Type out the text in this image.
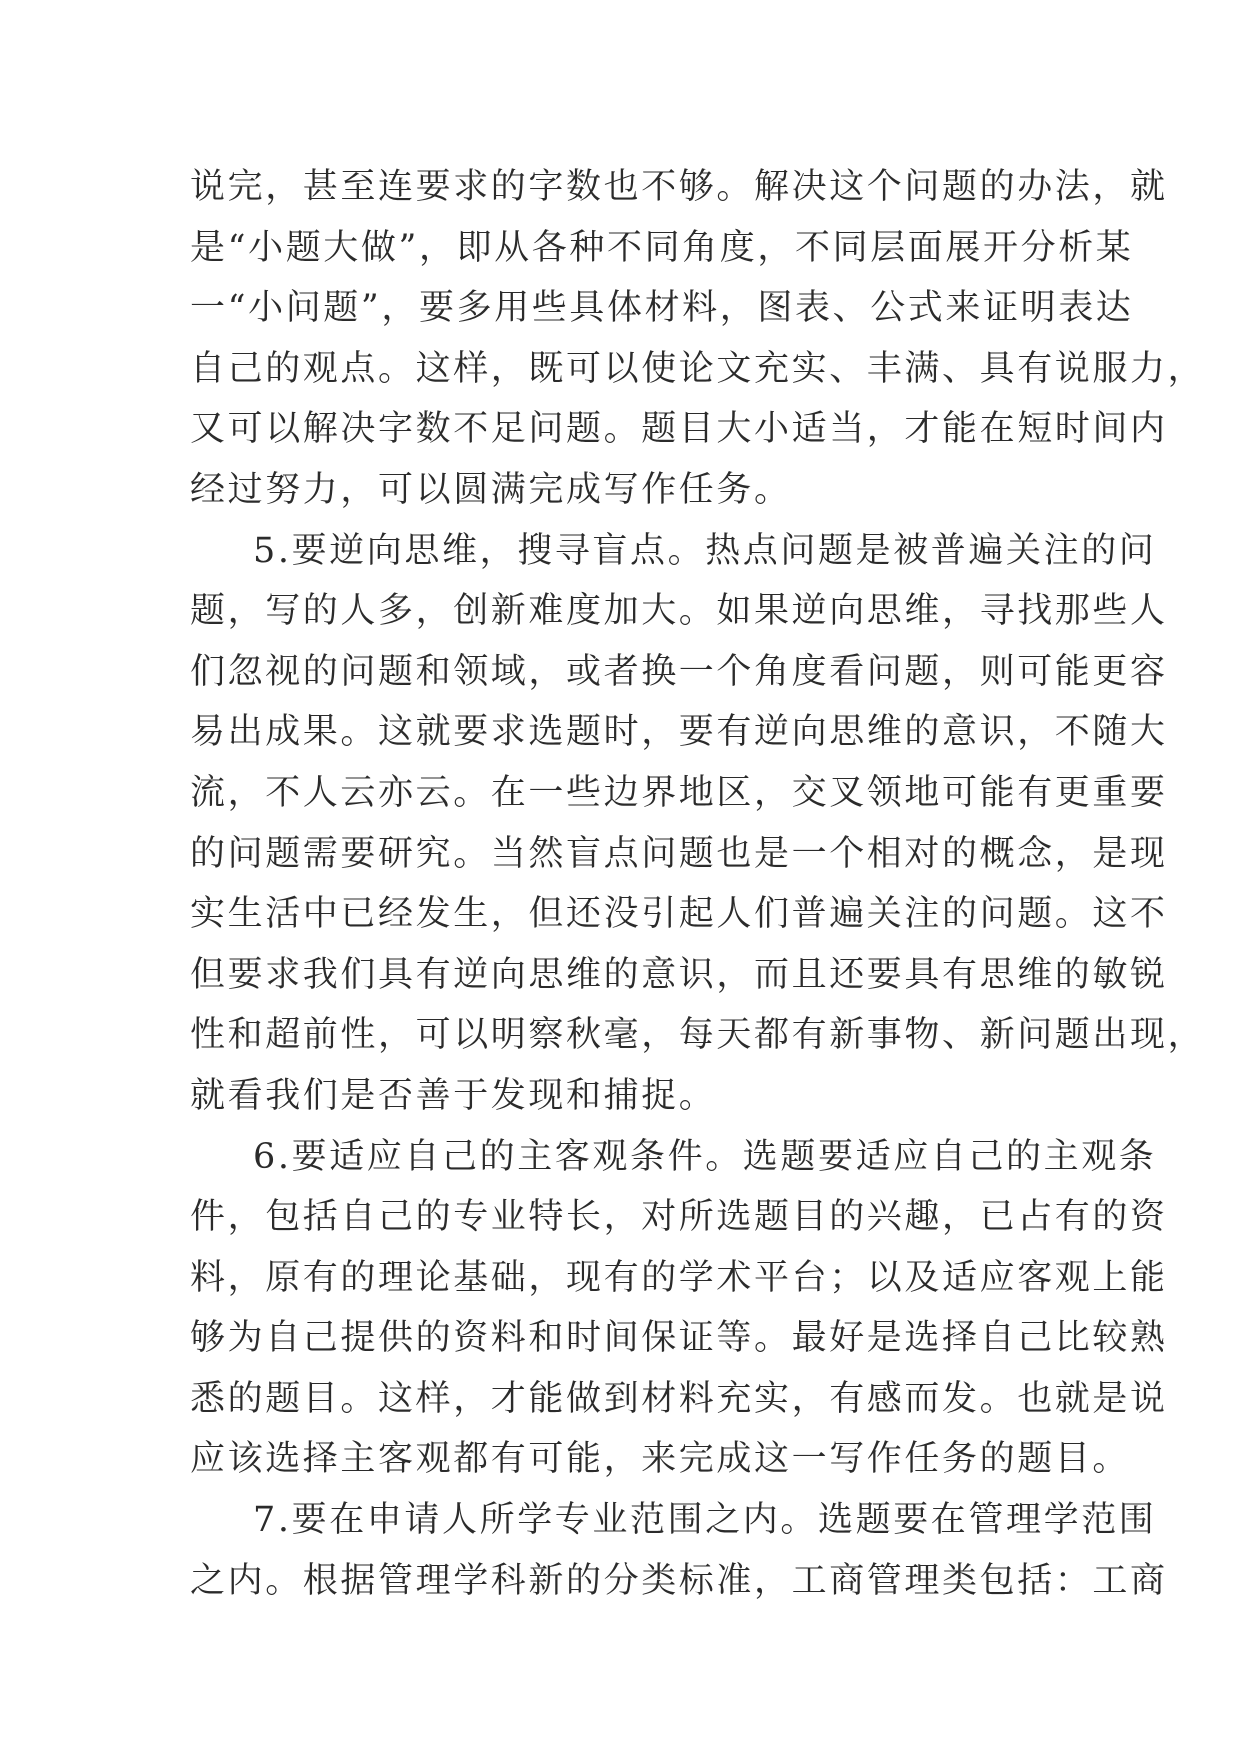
说完，甚至连要求的字数也不够。解决这个问题的办法，就
是“小题大做”，即从各种不同角度，不同层面展开分析某
一“小问题”，要多用些具体材料，图表、公式来证明表达
自己的观点。这样，既可以使论文充实、丰满、具有说服力，
又可以解决字数不足问题。题目大小适当，才能在短时间内
经过努力，可以圆满完成写作任务。
5.要逆向思维，搜寻盲点。热点问题是被普遍关注的问
题，写的人多，创新难度加大。如果逆向思维，寻找那些人
们忽视的问题和领域，或者换一个角度看问题，则可能更容
易出成果。这就要求选题时，要有逆向思维的意识，不随大
流，不人云亦云。在一些边界地区，交叉领地可能有更重要
的问题需要研究。当然盲点问题也是一个相对的概念，是现
实生活中已经发生，但还没引起人们普遍关注的问题。这不
但要求我们具有逆向思维的意识，而且还要具有思维的敏锐
性和超前性，可以明察秋毫，每天都有新事物、新问题出现，
就看我们是否善于发现和捕捉。
6.要适应自己的主客观条件。选题要适应自己的主观条
件，包括自己的专业特长，对所选题目的兴趣，已占有的资
料，原有的理论基础，现有的学术平台；以及适应客观上能
够为自己提供的资料和时间保证等。最好是选择自己比较熟
悉的题目。这样，才能做到材料充实，有感而发。也就是说
应该选择主客观都有可能，来完成这一写作任务的题目。
7.要在申请人所学专业范围之内。选题要在管理学范围
之内。根据管理学科新的分类标准，工商管理类包括：工商
